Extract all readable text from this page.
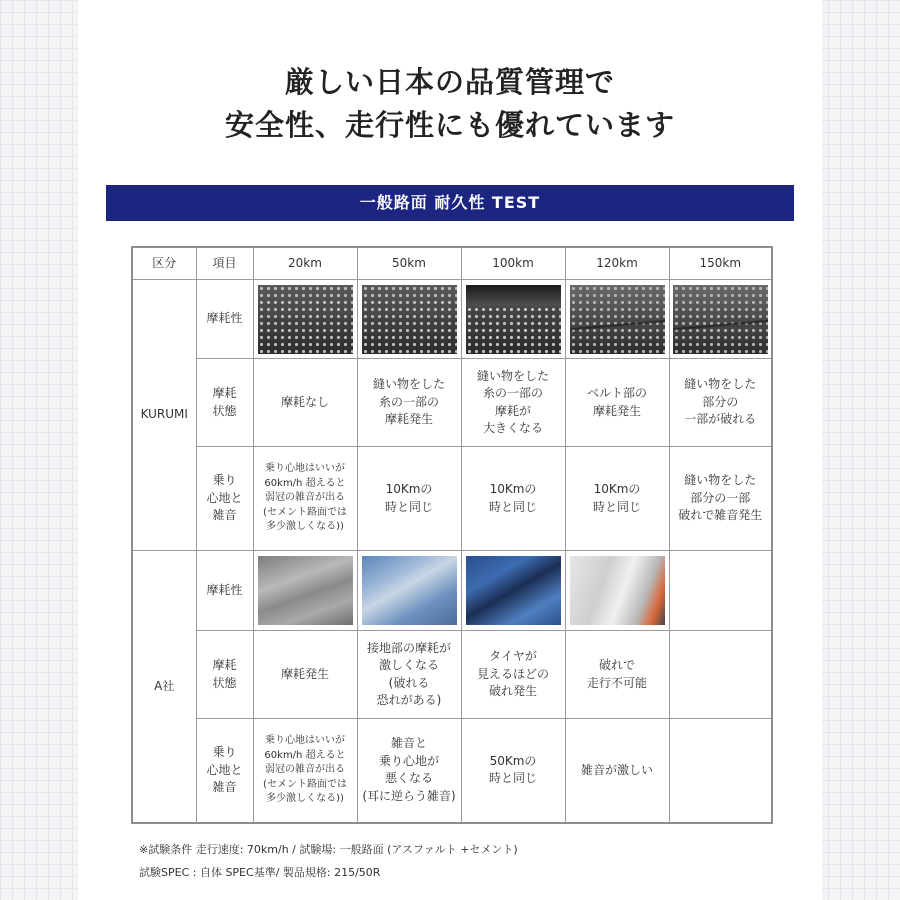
厳しい日本の品質管理で
安全性、走行性にも優れています
一般路面 耐久性 TEST
区分	項目	20km	50km	100km	120km	150km
KURUMI	摩耗性	

	摩耗
状態	摩耗なし	縫い物をした
糸の一部の
摩耗発生	縫い物をした
糸の一部の
摩耗が
大きくなる	ベルト部の
摩耗発生	縫い物をした
部分の
一部が破れる
	乗り
心地と
雑音	乗り心地はいいが
60km/h 超えると
弱冠の雑音が出る
(セメント路面では
多少激しくなる))	10Kmの
時と同じ	10Kmの
時と同じ	10Kmの
時と同じ	縫い物をした
部分の一部
破れで雑音発生
A社	摩耗性	

	摩耗
状態	摩耗発生	接地部の摩耗が
激しくなる
(破れる
恐れがある)	タイヤが
見えるほどの
破れ発生	破れで
走行不可能	
	乗り
心地と
雑音	乗り心地はいいが
60km/h 超えると
弱冠の雑音が出る
(セメント路面では
多少激しくなる))	雑音と
乗り心地が
悪くなる
(耳に逆らう雑音)	50Kmの
時と同じ	雑音が激しい	
※試験条件 走行速度: 70km/h / 試験場: 一般路面 (アスファルト +セメント)
試験SPEC : 自体 SPEC基準/ 製品規格: 215/50R
